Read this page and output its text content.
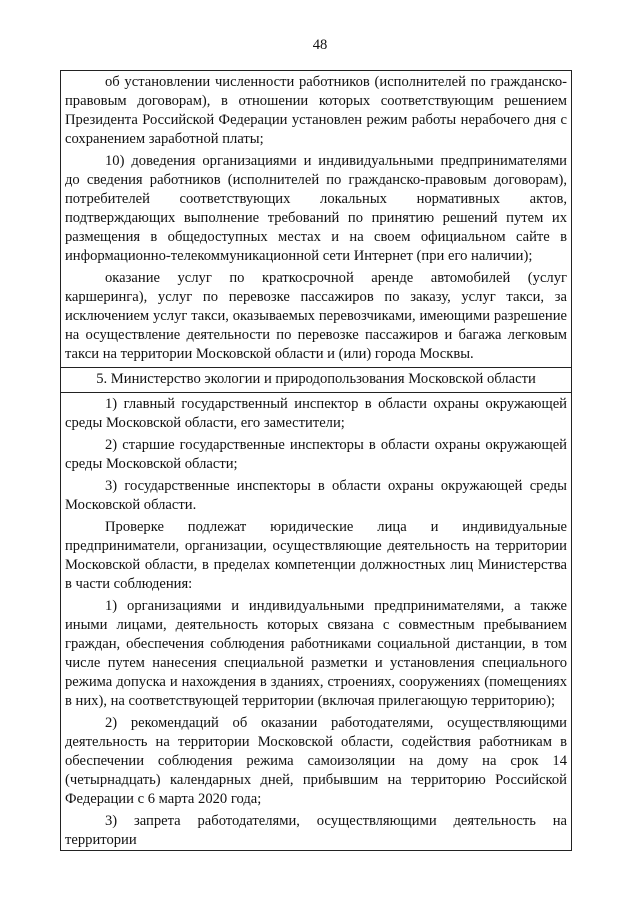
48

об установлении численности работников (исполнителей по гражданско-правовым договорам), в отношении которых соответствующим решением Президента Российской Федерации установлен режим работы нерабочего дня с сохранением заработной платы;

10) доведения организациями и индивидуальными предпринимателями до сведения работников (исполнителей по гражданско-правовым договорам), потребителей соответствующих локальных нормативных актов, подтверждающих выполнение требований по принятию решений путем их размещения в общедоступных местах и на своем официальном сайте в информационно-телекоммуникационной сети Интернет (при его наличии);

оказание услуг по краткосрочной аренде автомобилей (услуг каршеринга), услуг по перевозке пассажиров по заказу, услуг такси, за исключением услуг такси, оказываемых перевозчиками, имеющими разрешение на осуществление деятельности по перевозке пассажиров и багажа легковым такси на территории Московской области и (или) города Москвы.

5. Министерство экологии и природопользования Московской области

1) главный государственный инспектор в области охраны окружающей среды Московской области, его заместители;

2) старшие государственные инспекторы в области охраны окружающей среды Московской области;

3) государственные инспекторы в области охраны окружающей среды Московской области.

Проверке подлежат юридические лица и индивидуальные предприниматели, организации, осуществляющие деятельность на территории Московской области, в пределах компетенции должностных лиц Министерства в части соблюдения:

1) организациями и индивидуальными предпринимателями, а также иными лицами, деятельность которых связана с совместным пребыванием граждан, обеспечения соблюдения работниками социальной дистанции, в том числе путем нанесения специальной разметки и установления специального режима допуска и нахождения в зданиях, строениях, сооружениях (помещениях в них), на соответствующей территории (включая прилегающую территорию);

2) рекомендаций об оказании работодателями, осуществляющими деятельность на территории Московской области, содействия работникам в обеспечении соблюдения режима самоизоляции на дому на срок 14 (четырнадцать) календарных дней, прибывшим на территорию Российской Федерации с 6 марта 2020 года;

3) запрета работодателями, осуществляющими деятельность на территории
